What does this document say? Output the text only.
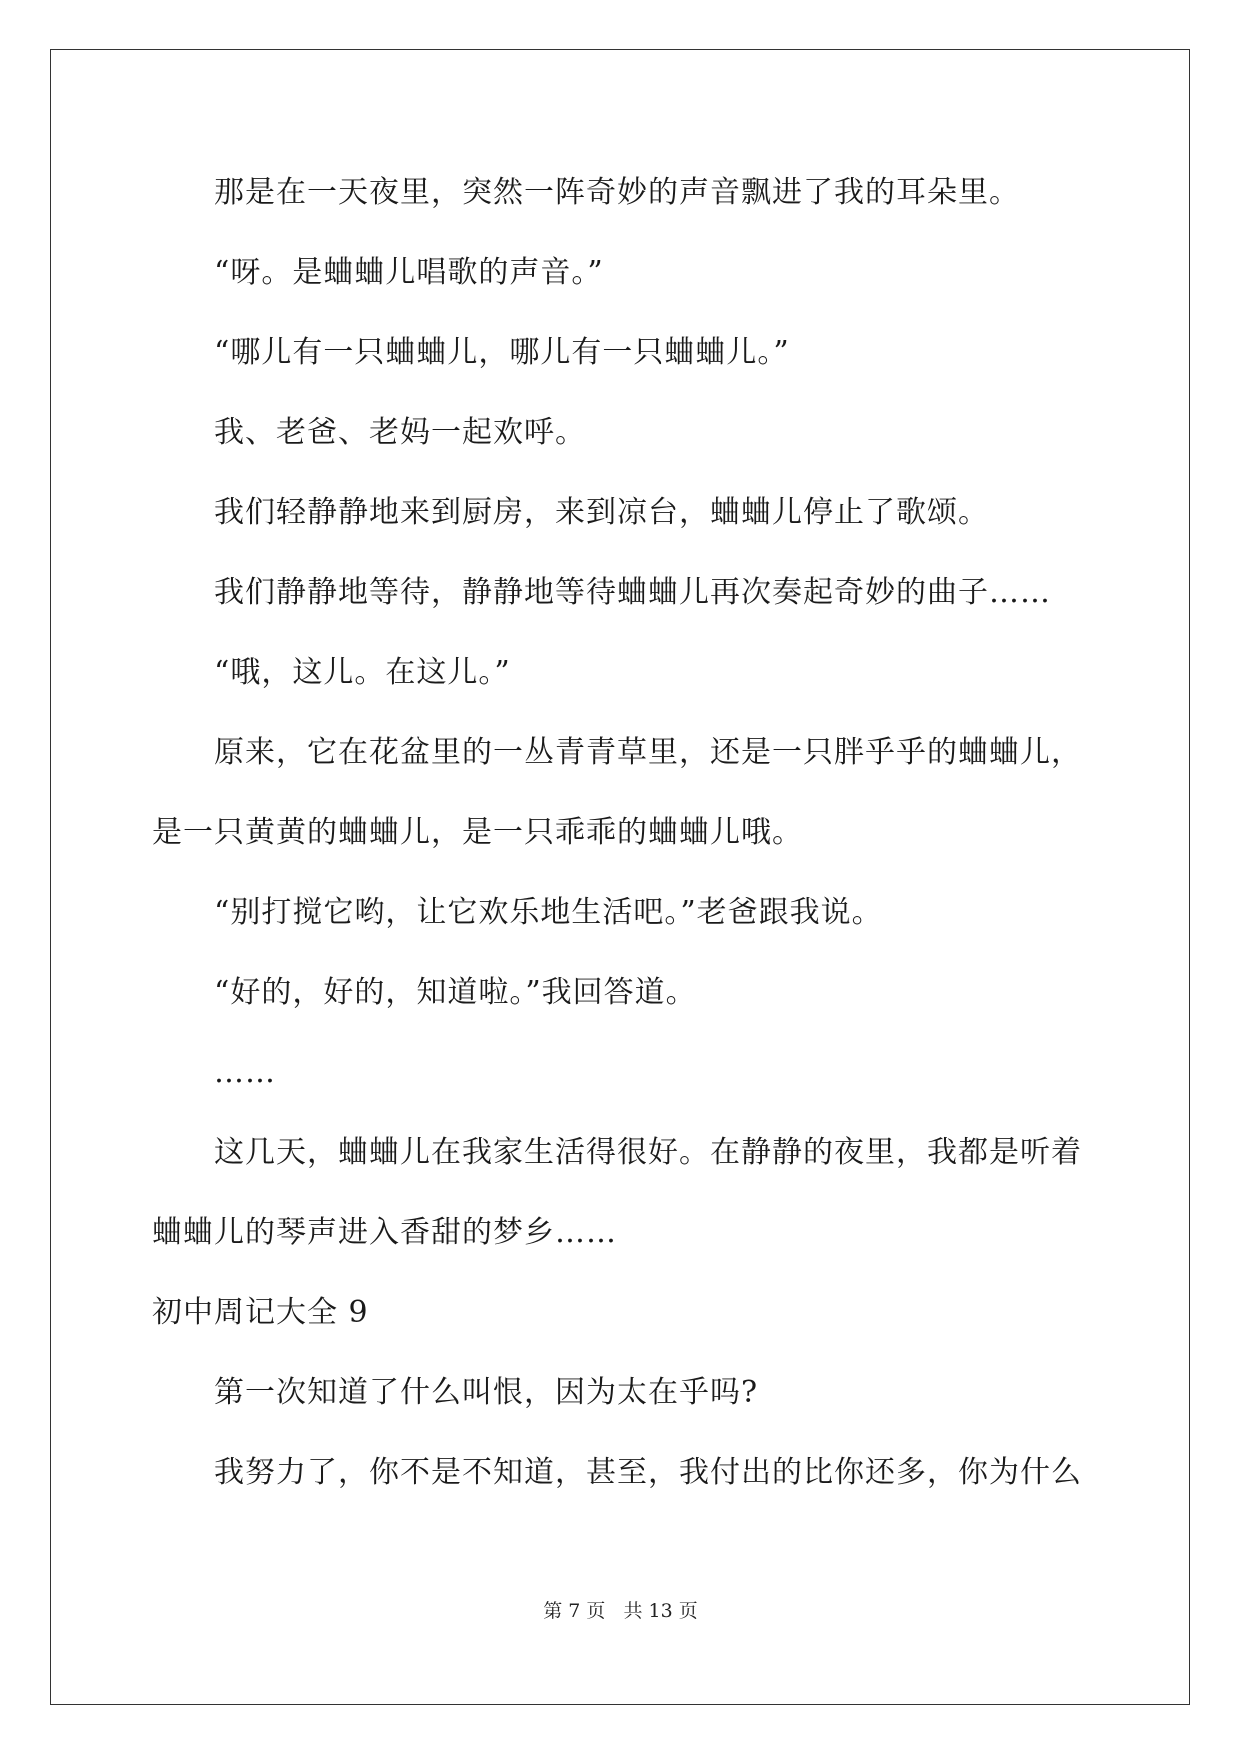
那是在一天夜里，突然一阵奇妙的声音飘进了我的耳朵里。
“呀。是蛐蛐儿唱歌的声音。”
“哪儿有一只蛐蛐儿，哪儿有一只蛐蛐儿。”
我、老爸、老妈一起欢呼。
我们轻静静地来到厨房，来到凉台，蛐蛐儿停止了歌颂。
我们静静地等待，静静地等待蛐蛐儿再次奏起奇妙的曲子……
“哦，这儿。在这儿。”
原来，它在花盆里的一丛青青草里，还是一只胖乎乎的蛐蛐儿，
是一只黄黄的蛐蛐儿，是一只乖乖的蛐蛐儿哦。
“别打搅它哟，让它欢乐地生活吧。”老爸跟我说。
“好的，好的，知道啦。”我回答道。
……
这几天，蛐蛐儿在我家生活得很好。在静静的夜里，我都是听着
蛐蛐儿的琴声进入香甜的梦乡……
初中周记大全 9
第一次知道了什么叫恨，因为太在乎吗?
我努力了，你不是不知道，甚至，我付出的比你还多，你为什么
第 7 页 共 13 页
